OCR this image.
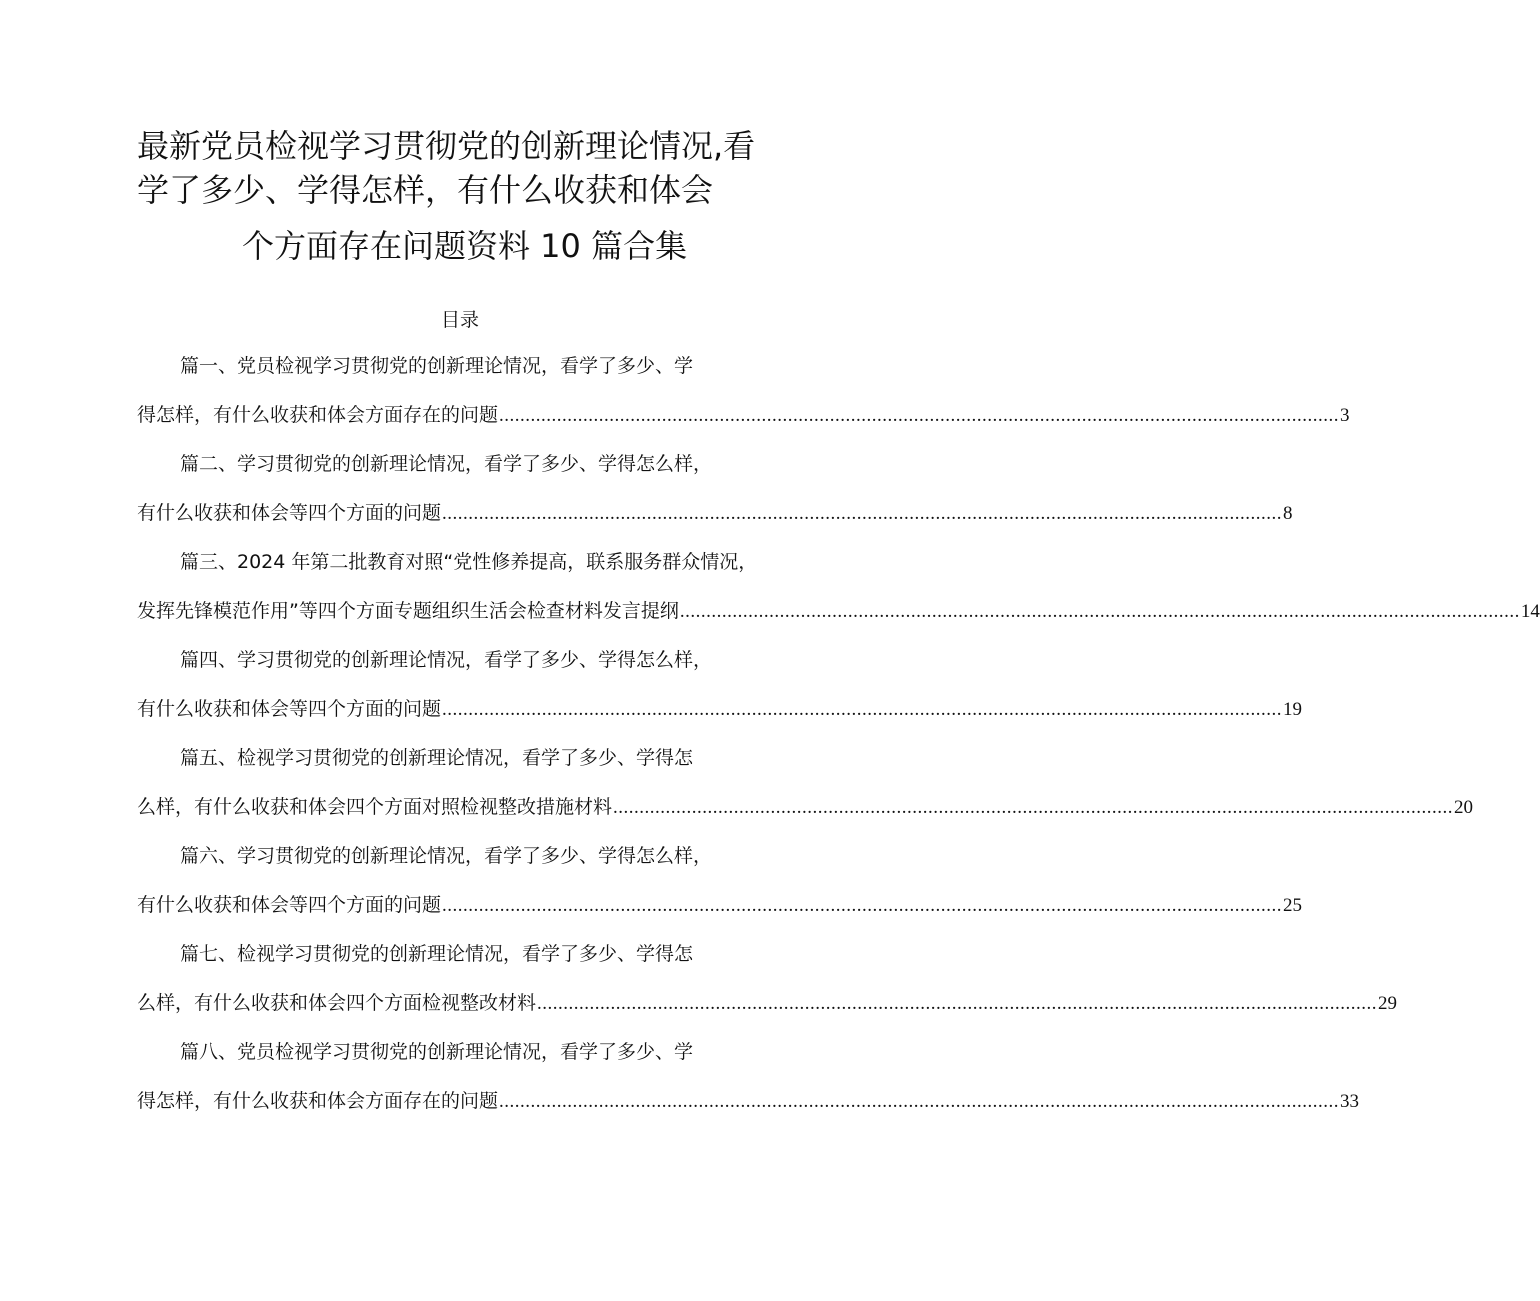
最新党员检视学习贯彻党的创新理论情况,看
学了多少、学得怎样，有什么收获和体会
个方面存在问题资料 10 篇合集
目录
篇一、党员检视学习贯彻党的创新理论情况，看学了多少、学
得怎样，有什么收获和体会方面存在的问题 ................................................................................................................................................................ 3
篇二、学习贯彻党的创新理论情况，看学了多少、学得怎么样，
有什么收获和体会等四个方面的问题 ................................................................................................................................................................ 8
篇三、2024 年第二批教育对照“党性修养提高，联系服务群众情况，
发挥先锋模范作用”等四个方面专题组织生活会检查材料发言提纲 ................................................................................................................................................................ 14
篇四、学习贯彻党的创新理论情况，看学了多少、学得怎么样，
有什么收获和体会等四个方面的问题 ................................................................................................................................................................ 19
篇五、检视学习贯彻党的创新理论情况，看学了多少、学得怎
么样，有什么收获和体会四个方面对照检视整改措施材料 ................................................................................................................................................................ 20
篇六、学习贯彻党的创新理论情况，看学了多少、学得怎么样，
有什么收获和体会等四个方面的问题 ................................................................................................................................................................ 25
篇七、检视学习贯彻党的创新理论情况，看学了多少、学得怎
么样，有什么收获和体会四个方面检视整改材料 ................................................................................................................................................................ 29
篇八、党员检视学习贯彻党的创新理论情况，看学了多少、学
得怎样，有什么收获和体会方面存在的问题 ................................................................................................................................................................ 33
